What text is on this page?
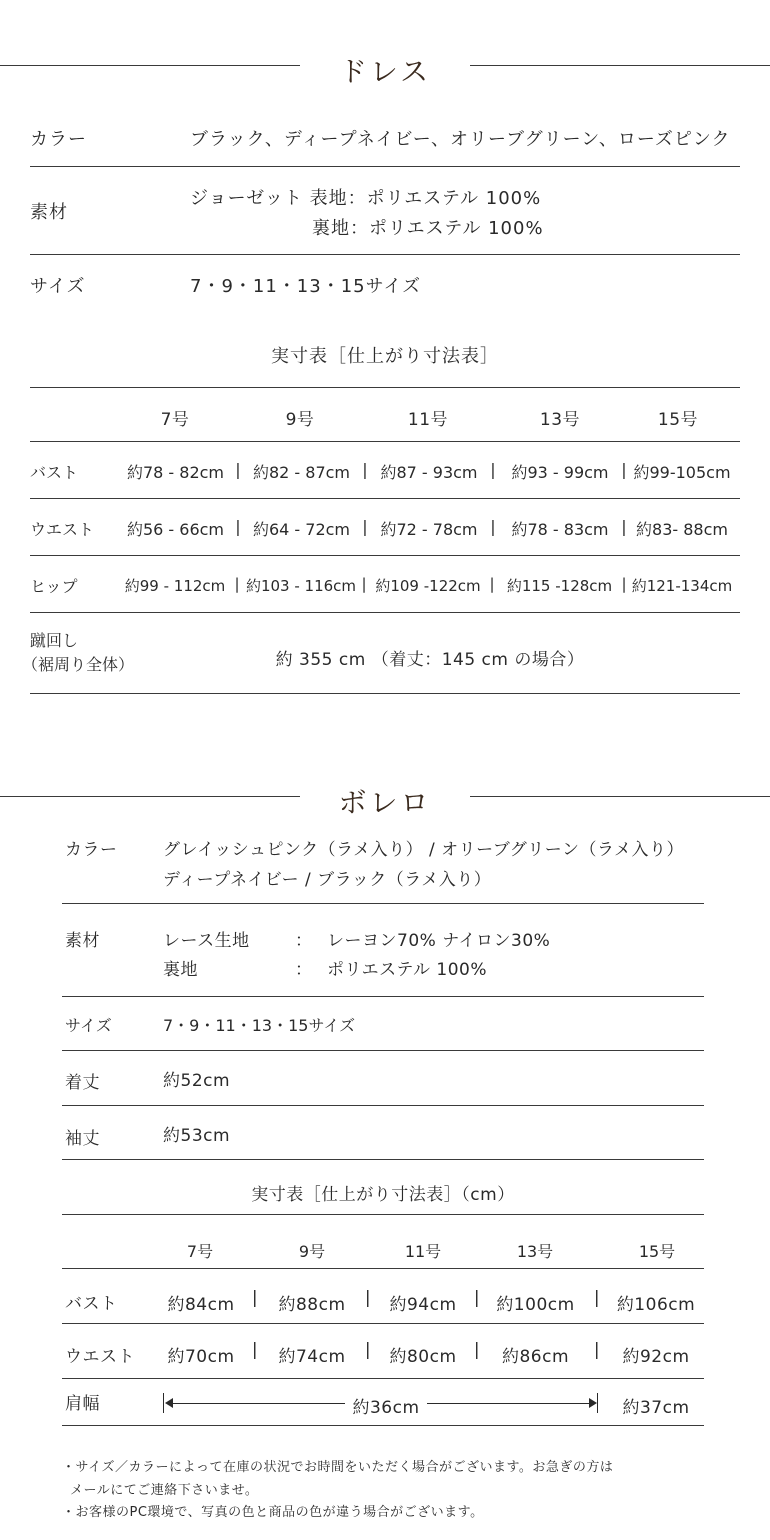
ドレス
カラー	ブラック、ディープネイビー、オリーブグリーン、ローズピンク
素材
ジョーゼット 表地：ポリエステル 100%
裏地：ポリエステル 100%
サイズ	7・9・11・13・15サイズ
実寸表［仕上がり寸法表］
7号	9号	11号	13号	15号
バスト	約78 - 82cm | 約82 - 87cm | 約87 - 93cm | 約93 - 99cm | 約99-105cm
ウエスト	約56 - 66cm | 約64 - 72cm | 約72 - 78cm | 約78 - 83cm | 約83- 88cm
ヒップ	約99 - 112cm | 約103 - 116cm | 約109 -122cm | 約115 -128cm | 約121-134cm
蹴回し
（裾周り全体）	約 355 cm （着丈：145 cm の場合）
ボレロ
カラー	グレイッシュピンク（ラメ入り） / オリーブグリーン（ラメ入り）
ディープネイビー / ブラック（ラメ入り）
素材	レース生地	： レーヨン70% ナイロン30%
裏地	： ポリエステル 100%
サイズ	7・9・11・13・15サイズ
着丈	約52cm
袖丈	約53cm
実寸表［仕上がり寸法表］（cm）
7号	9号	11号	13号	15号
バスト	約84cm	|	約88cm	|	約94cm	| 約100cm	| 約106cm
ウエスト	約70cm	|	約74cm	|	約80cm	|	約86cm	|	約92cm
肩幅	約36cm	約37cm
・サイズ／カラーによって在庫の状況でお時間をいただく場合がございます。お急ぎの方は
メールにてご連絡下さいませ。
・お客様のPC環境で、写真の色と商品の色が違う場合がございます。
